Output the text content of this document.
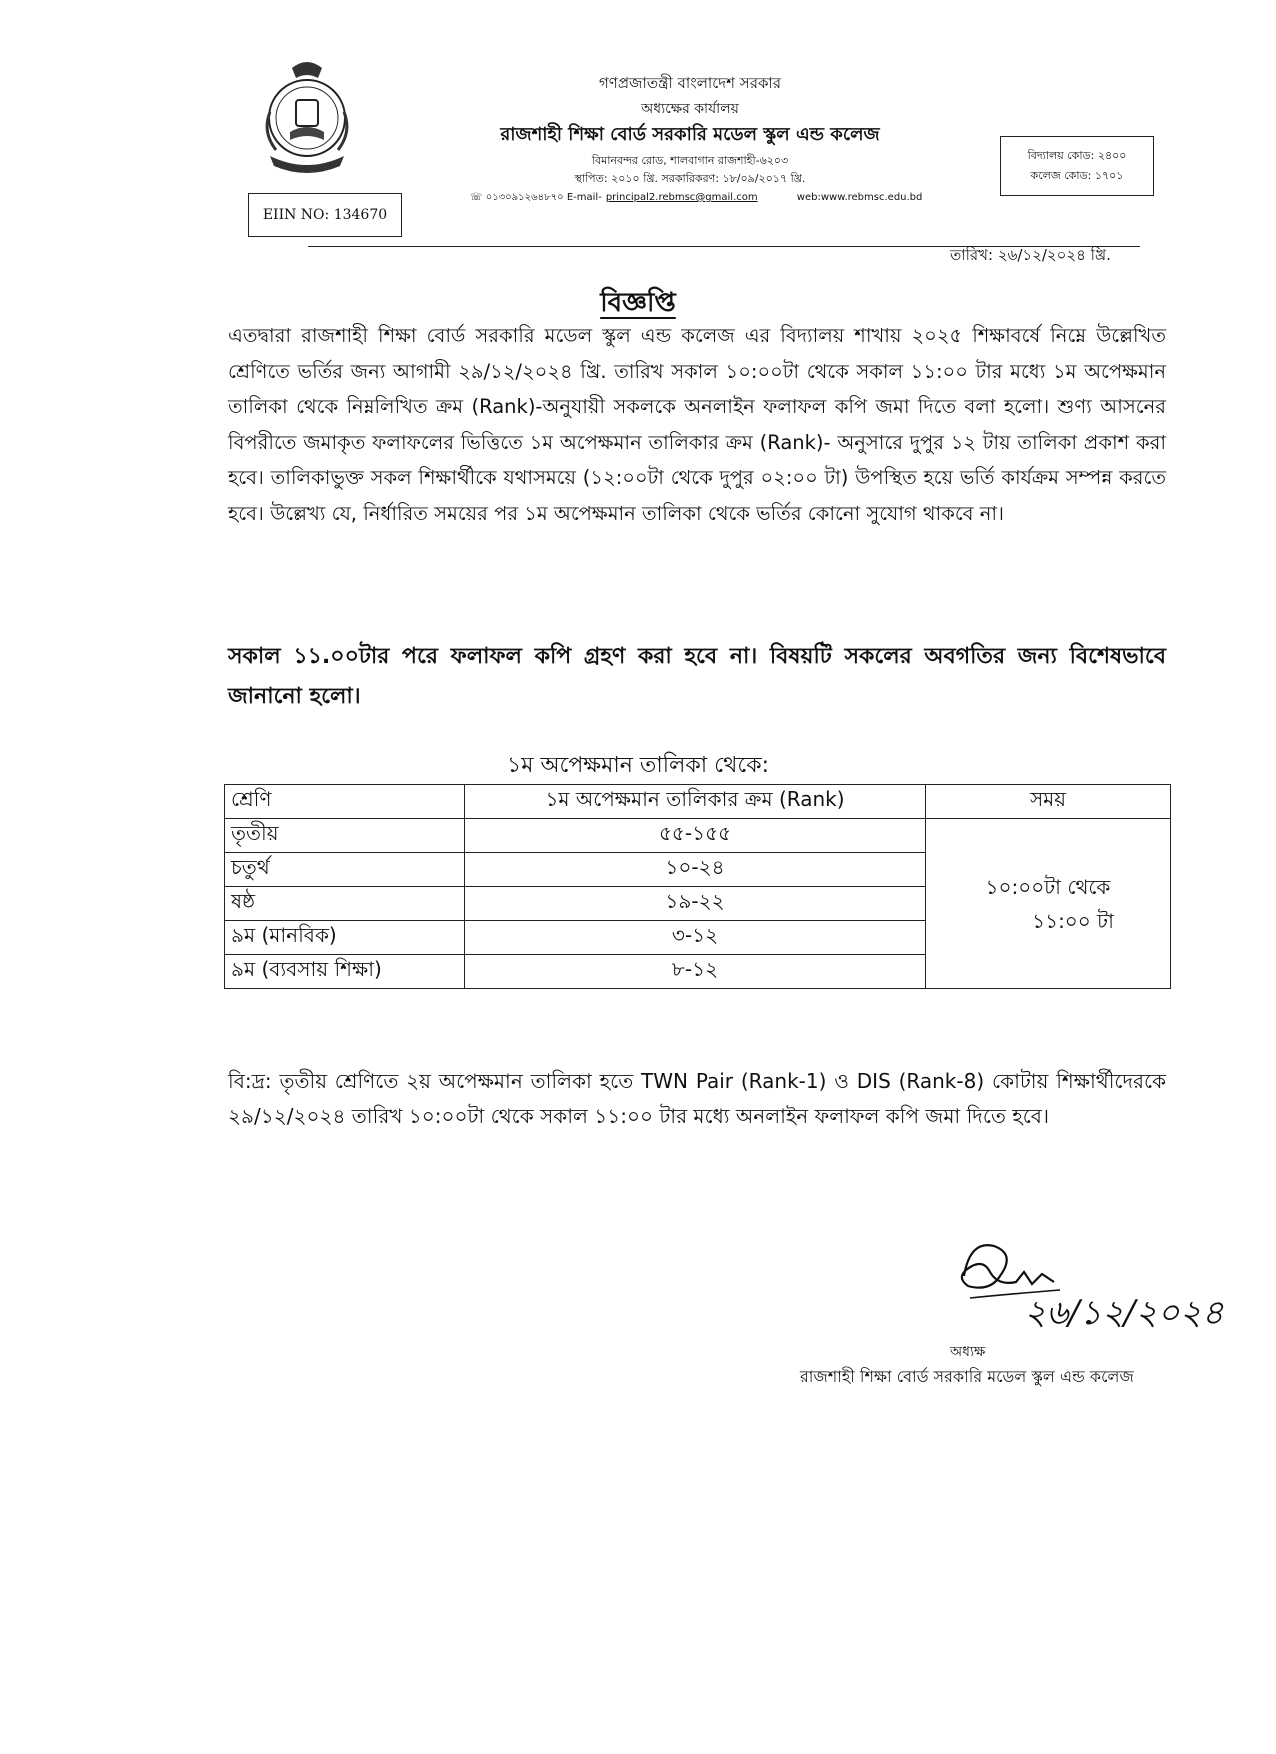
EIIN NO: 134670
গণপ্রজাতন্ত্রী বাংলাদেশ সরকার
অধ্যক্ষের কার্যালয়
রাজশাহী শিক্ষা বোর্ড সরকারি মডেল স্কুল এন্ড কলেজ
বিমানবন্দর রোড, শালবাগান রাজশাহী-৬২০৩
স্থাপিত: ২০১০ খ্রি. সরকারিকরণ: ১৮/০৯/২০১৭ খ্রি.
☏ ০১৩০৯১২৬৪৮৭০ E-mail- principal2.rebmsc@gmail.com	web:www.rebmsc.edu.bd
বিদ্যালয় কোড: ২৪০০
কলেজ কোড: ১৭০১
তারিখ: ২৬/১২/২০২৪ খ্রি.
বিজ্ঞপ্তি
এতদ্বারা রাজশাহী শিক্ষা বোর্ড সরকারি মডেল স্কুল এন্ড কলেজ এর বিদ্যালয় শাখায় ২০২৫ শিক্ষাবর্ষে নিম্নে উল্লেখিত শ্রেণিতে ভর্তির জন্য আগামী ২৯/১২/২০২৪ খ্রি. তারিখ সকাল ১০:০০টা থেকে সকাল ১১:০০ টার মধ্যে ১ম অপেক্ষমান তালিকা থেকে নিম্নলিখিত ক্রম (Rank)-অনুযায়ী সকলকে অনলাইন ফলাফল কপি জমা দিতে বলা হলো। শুণ্য আসনের বিপরীতে জমাকৃত ফলাফলের ভিত্তিতে ১ম অপেক্ষমান তালিকার ক্রম (Rank)- অনুসারে দুপুর ১২ টায় তালিকা প্রকাশ করা হবে। তালিকাভুক্ত সকল শিক্ষার্থীকে যথাসময়ে (১২:০০টা থেকে দুপুর ০২:০০ টা) উপস্থিত হয়ে ভর্তি কার্যক্রম সম্পন্ন করতে হবে। উল্লেখ্য যে, নির্ধারিত সময়ের পর ১ম অপেক্ষমান তালিকা থেকে ভর্তির কোনো সুযোগ থাকবে না।
সকাল ১১.০০টার পরে ফলাফল কপি গ্রহণ করা হবে না। বিষয়টি সকলের অবগতির জন্য বিশেষভাবে জানানো হলো।
১ম অপেক্ষমান তালিকা থেকে:
শ্রেণি	১ম অপেক্ষমান তালিকার ক্রম (Rank)	সময়
তৃতীয়	৫৫-১৫৫	১০:০০টা থেকে
১১:০০ টা

চতুর্থ	১০-২৪	
ষষ্ঠ	১৯-২২	
৯ম (মানবিক)	৩-১২	
৯ম (ব্যবসায় শিক্ষা)	৮-১২	
বি:দ্র: তৃতীয় শ্রেণিতে ২য় অপেক্ষমান তালিকা হতে TWN Pair (Rank-1) ও DIS (Rank-8) কোটায় শিক্ষার্থীদেরকে ২৯/১২/২০২৪ তারিখ ১০:০০টা থেকে সকাল ১১:০০ টার মধ্যে অনলাইন ফলাফল কপি জমা দিতে হবে।
২৬/১২/২০২৪
অধ্যক্ষ
রাজশাহী শিক্ষা বোর্ড সরকারি মডেল স্কুল এন্ড কলেজ
